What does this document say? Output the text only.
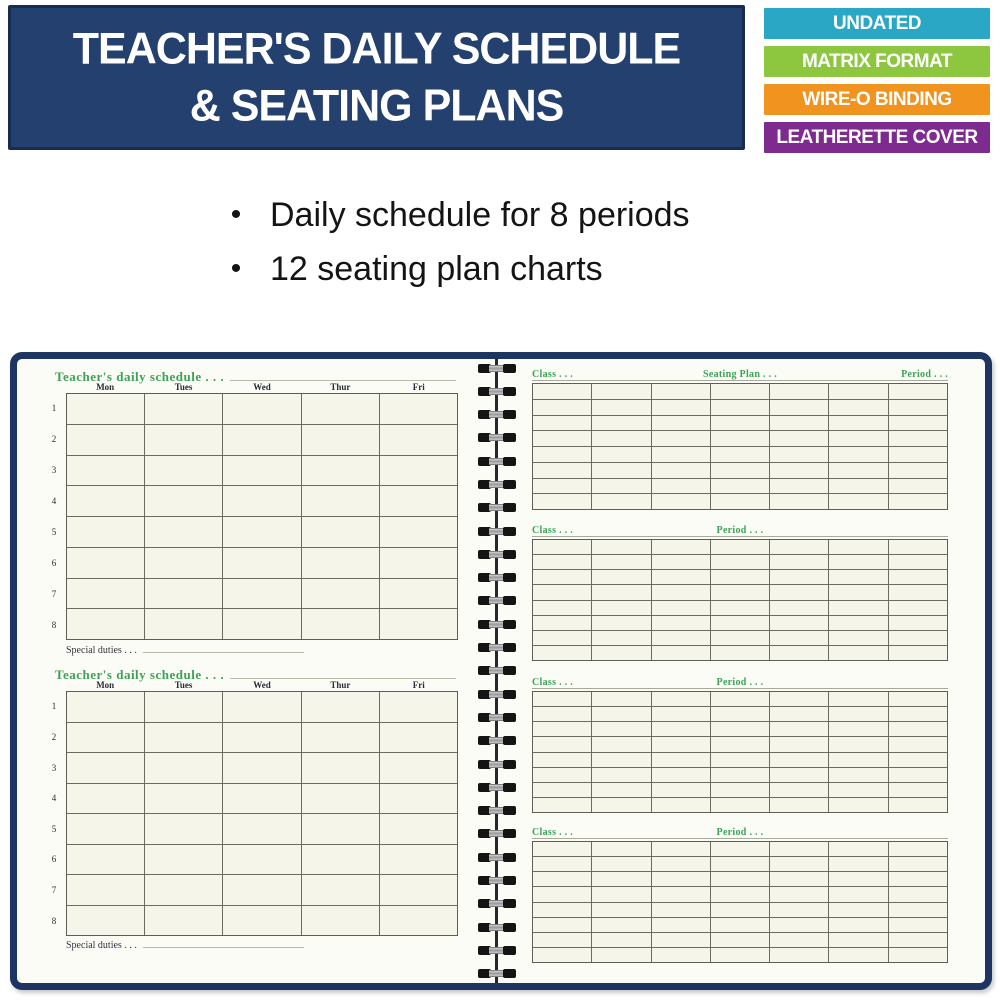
TEACHER'S DAILY SCHEDULE
& SEATING PLANS
UNDATED
MATRIX FORMAT
WIRE-O BINDING
LEATHERETTE COVER
• Daily schedule for 8 periods
• 12 seating plan charts
Teacher's daily schedule . . .
Mon	Tues	Wed	Thur	Fri
1
2
3
4
5
6
7
8
Special duties . . .
Teacher's daily schedule . . .
Mon	Tues	Wed	Thur	Fri
1
2
3
4
5
6
7
8
Special duties . . .
Class . . .	Seating Plan . . .	Period . . .
Class . . .	Period . . .
Class . . .	Period . . .
Class . . .	Period . . .
